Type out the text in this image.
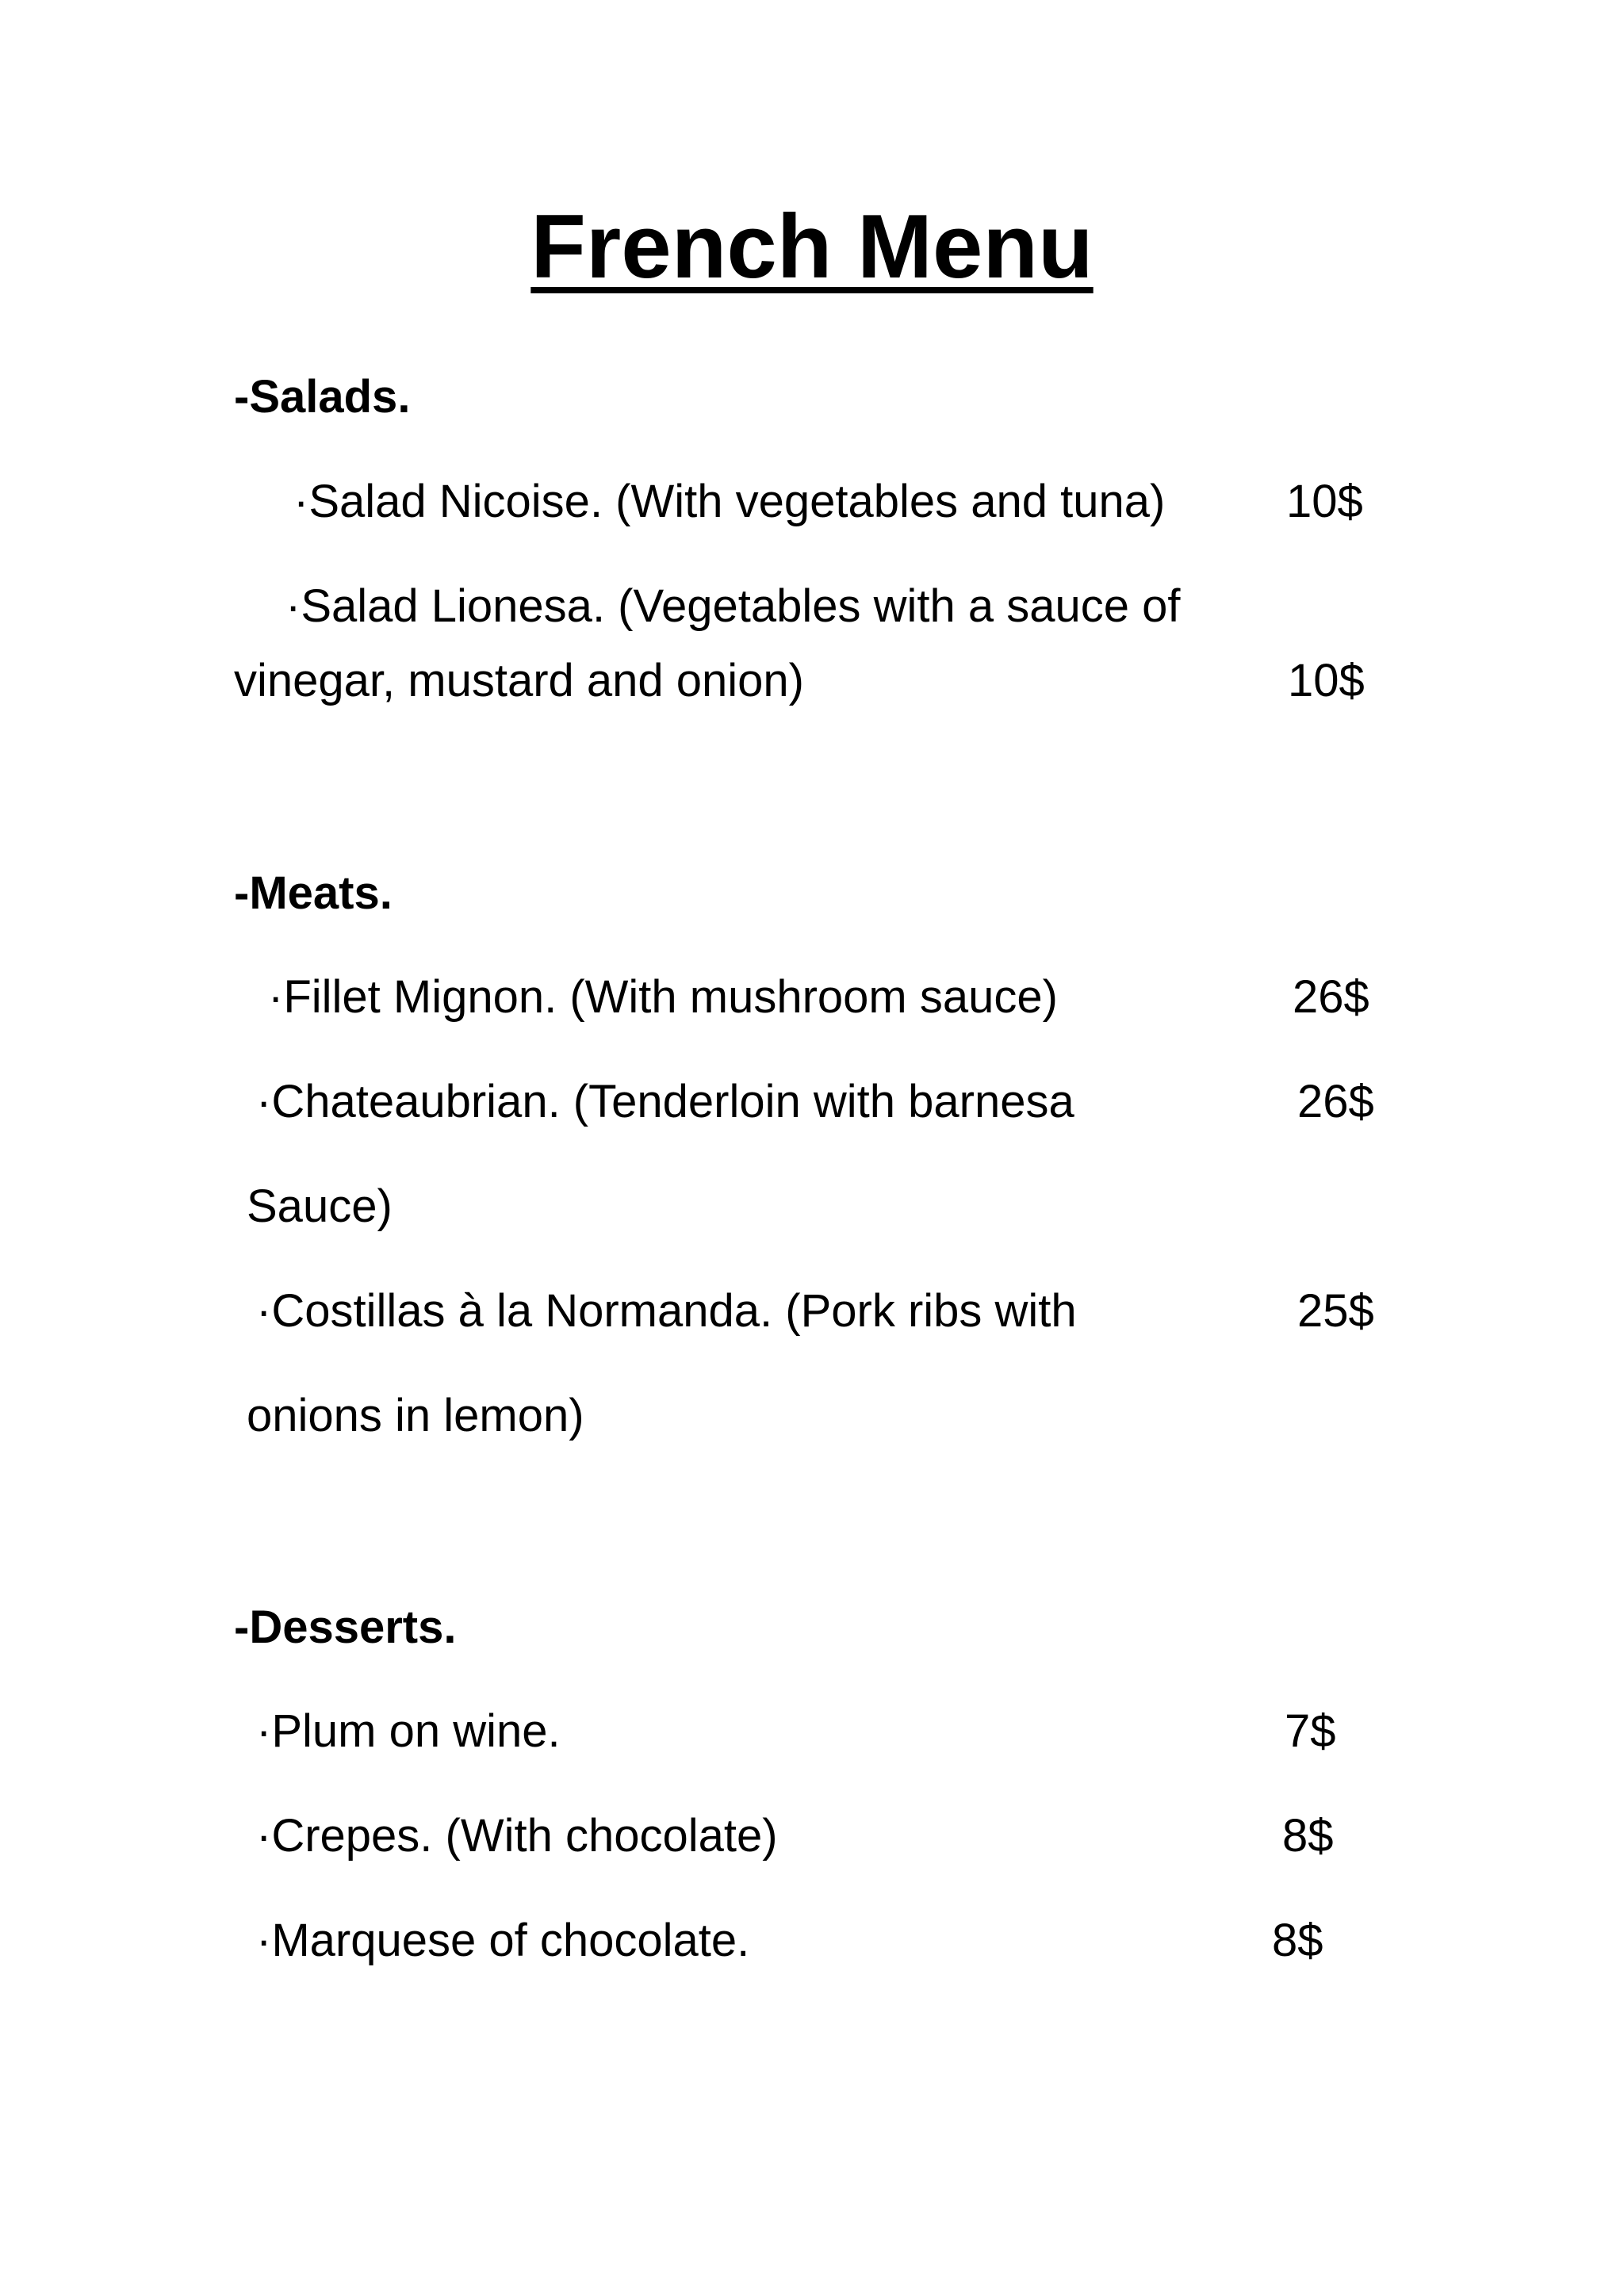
French Menu
-Salads.
·Salad Nicoise. (With vegetables and tuna)	10$
·Salad Lionesa. (Vegetables with a sauce of
vinegar, mustard and onion)	10$
-Meats.
·Fillet Mignon. (With mushroom sauce)	26$
·Chateaubrian. (Tenderloin with barnesa	26$
Sauce)
·Costillas à la Normanda. (Pork ribs with	25$
onions in lemon)
-Desserts.
·Plum on wine.	7$
·Crepes. (With chocolate)	8$
·Marquese of chocolate.	8$
